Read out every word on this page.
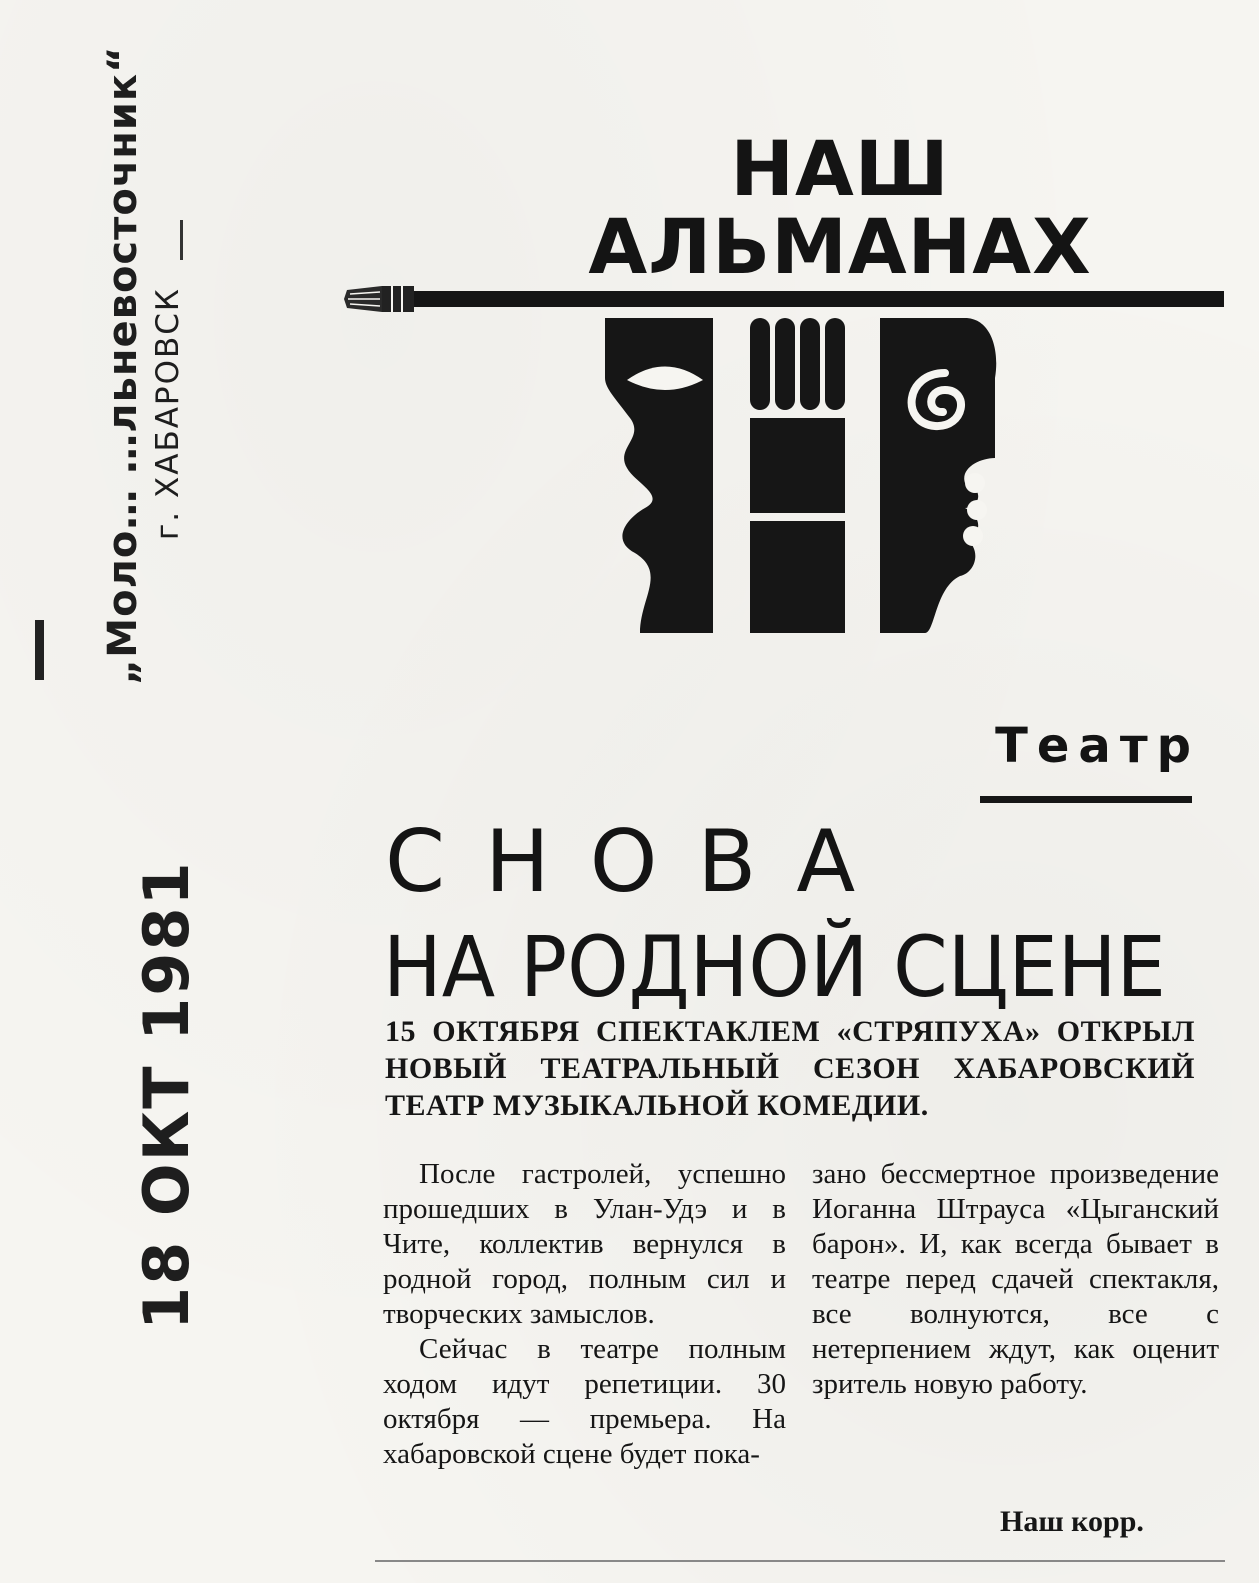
„Моло… …льневосточник“ г. ХАБАРОВСК
18 ОКТ 1981
НАШ
АЛЬМАНАХ
Театр
СНОВА
НА РОДНОЙ СЦЕНЕ
15 ОКТЯБРЯ СПЕКТАКЛЕМ «СТРЯПУХА» ОТКРЫЛ НОВЫЙ ТЕАТРАЛЬНЫЙ СЕЗОН ХАБАРОВСКИЙ ТЕАТР МУЗЫКАЛЬНОЙ КОМЕДИИ.

После гастролей, успешно прошедших в Улан-Удэ и в Чите, коллектив вернулся в родной город, полным сил и творческих замыслов.

Сейчас в театре полным ходом идут репетиции. 30 октября — премьера. На хабаровской сцене будет пока-

зано бессмертное произведение Иоганна Штрауса «Цыганский барон». И, как всегда бывает в театре перед сдачей спектакля, все волнуются, все с нетерпением ждут, как оценит зритель новую работу.

Наш корр.
